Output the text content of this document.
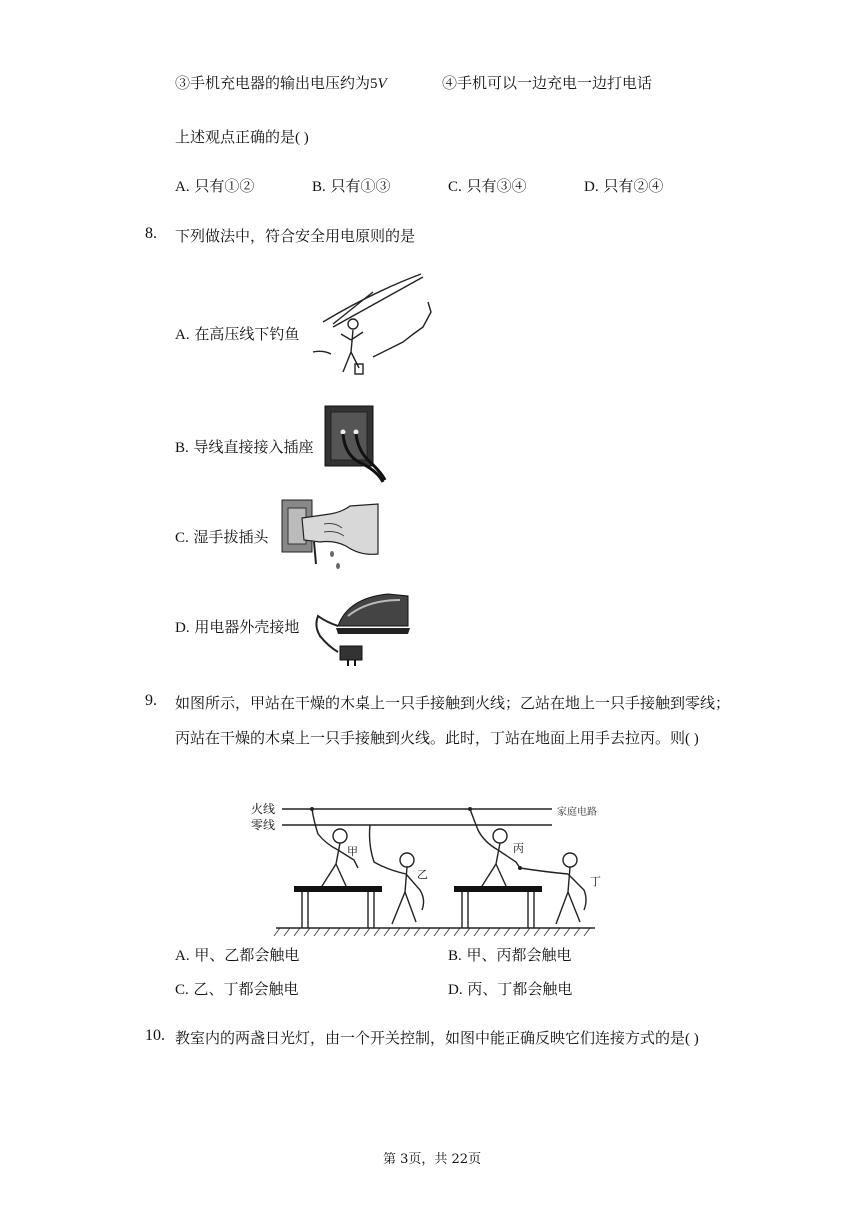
③手机充电器的输出电压约为5V	④手机可以一边充电一边打电话
上述观点正确的是( )
A. 只有①②	B. 只有①③	C. 只有③④	D. 只有②④
8. 下列做法中，符合安全用电原则的是
A. 在高压线下钓鱼
B. 导线直接接入插座
C. 湿手拔插头
D. 用电器外壳接地
9. 如图所示，甲站在干燥的木桌上一只手接触到火线；乙站在地上一只手接触到零线；
丙站在干燥的木桌上一只手接触到火线。此时，丁站在地面上用手去拉丙。则( )
火线
零线
家庭电路
甲
乙
丙
丁
A. 甲、乙都会触电	B. 甲、丙都会触电
C. 乙、丁都会触电	D. 丙、丁都会触电
10. 教室内的两盏日光灯，由一个开关控制，如图中能正确反映它们连接方式的是( )
第 3页，共 22页
